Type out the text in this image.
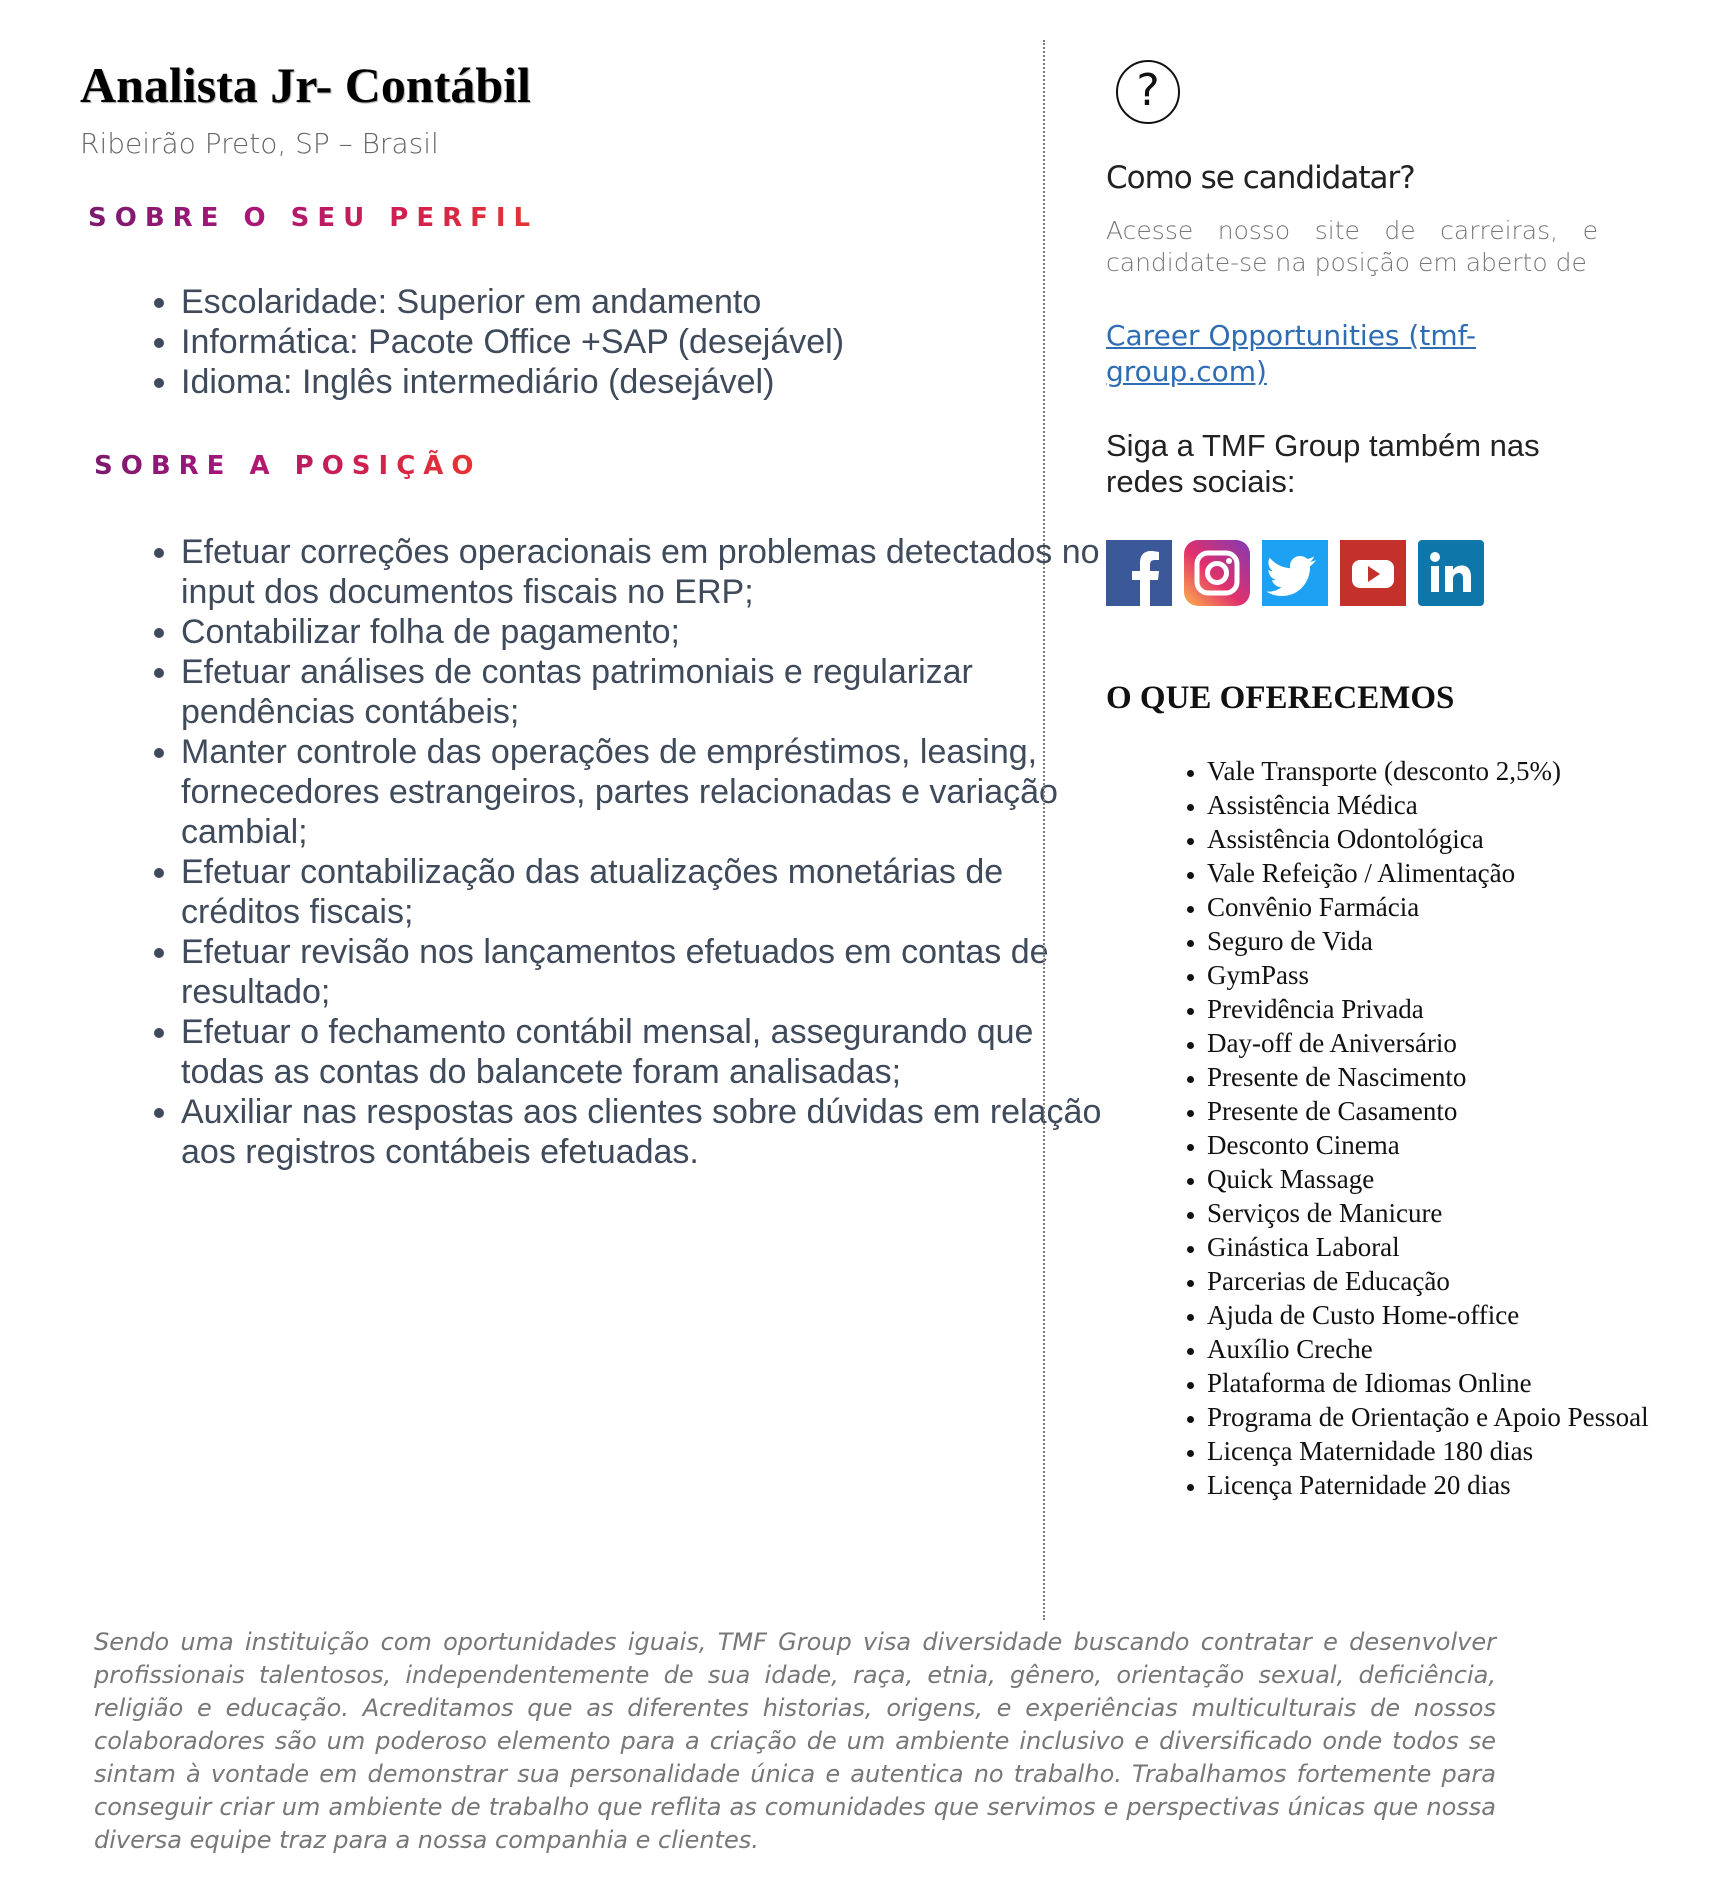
Analista Jr- Contábil
Ribeirão Preto, SP – Brasil
SOBRE O SEU PERFIL
• Escolaridade: Superior em andamento
• Informática: Pacote Office +SAP (desejável)
• Idioma: Inglês intermediário (desejável)
SOBRE A POSIÇÃO
• Efetuar correções operacionais em problemas detectados no input dos documentos fiscais no ERP;
• Contabilizar folha de pagamento;
• Efetuar análises de contas patrimoniais e regularizar pendências contábeis;
• Manter controle das operações de empréstimos, leasing, fornecedores estrangeiros, partes relacionadas e variação cambial;
• Efetuar contabilização das atualizações monetárias de créditos fiscais;
• Efetuar revisão nos lançamentos efetuados em contas de resultado;
• Efetuar o fechamento contábil mensal, assegurando que todas as contas do balancete foram analisadas;
• Auxiliar nas respostas aos clientes sobre dúvidas em relação aos registros contábeis efetuadas.
?
Como se candidatar?
Acesse nosso site de carreiras, e candidate-se na posição em aberto de
Career Opportunities (tmf-group.com)
Siga a TMF Group também nas redes sociais:
O QUE OFERECEMOS
• Vale Transporte (desconto 2,5%)
• Assistência Médica
• Assistência Odontológica
• Vale Refeição / Alimentação
• Convênio Farmácia
• Seguro de Vida
• GymPass
• Previdência Privada
• Day-off de Aniversário
• Presente de Nascimento
• Presente de Casamento
• Desconto Cinema
• Quick Massage
• Serviços de Manicure
• Ginástica Laboral
• Parcerias de Educação
• Ajuda de Custo Home-office
• Auxílio Creche
• Plataforma de Idiomas Online
• Programa de Orientação e Apoio Pessoal
• Licença Maternidade 180 dias
• Licença Paternidade 20 dias
Sendo uma instituição com oportunidades iguais, TMF Group visa diversidade buscando contratar e desenvolver profissionais talentosos, independentemente de sua idade, raça, etnia, gênero, orientação sexual, deficiência, religião e educação. Acreditamos que as diferentes historias, origens, e experiências multiculturais de nossos colaboradores são um poderoso elemento para a criação de um ambiente inclusivo e diversificado onde todos se sintam à vontade em demonstrar sua personalidade única e autentica no trabalho. Trabalhamos fortemente para conseguir criar um ambiente de trabalho que reflita as comunidades que servimos e perspectivas únicas que nossa diversa equipe traz para a nossa companhia e clientes.
